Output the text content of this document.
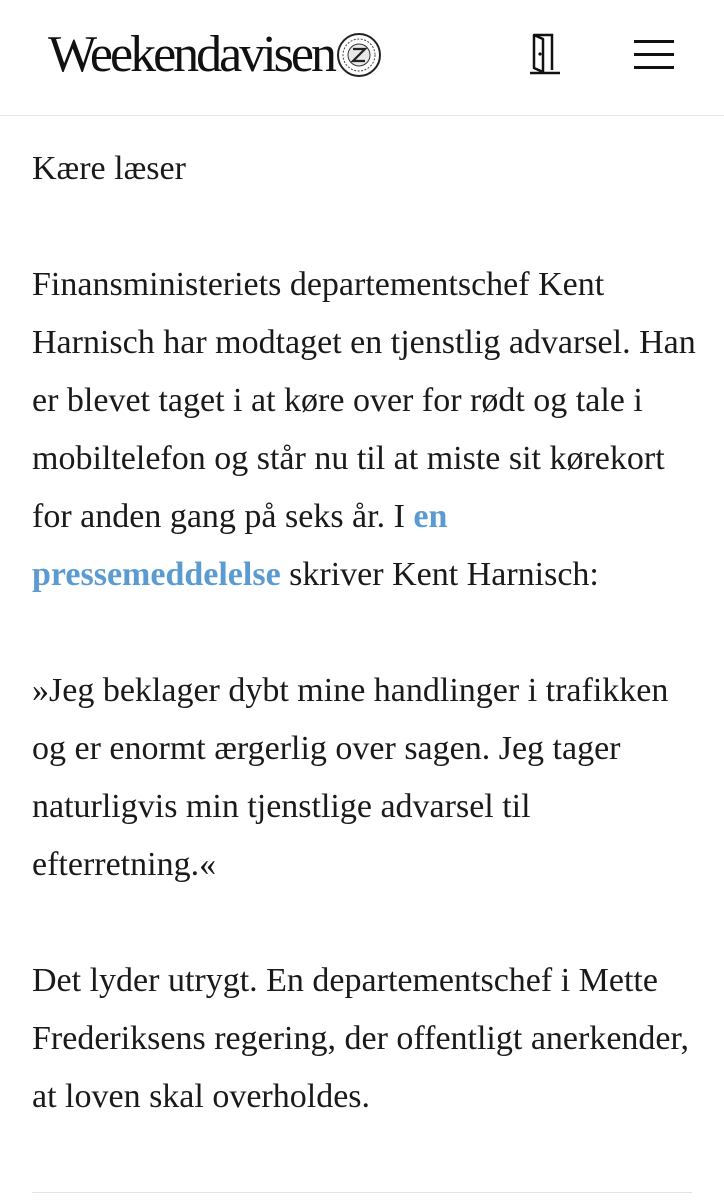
Weekendavisen

Kære læser

Finansministeriets departementschef Kent Harnisch har modtaget en tjenstlig advarsel. Han er blevet taget i at køre over for rødt og tale i mobiltelefon og står nu til at miste sit kørekort for anden gang på seks år. I en pressemeddelelse skriver Kent Harnisch:

»Jeg beklager dybt mine handlinger i trafikken og er enormt ærgerlig over sagen. Jeg tager naturligvis min tjenstlige advarsel til efterretning.«

Det lyder utrygt. En departementschef i Mette Frederiksens regering, der offentligt anerkender, at loven skal overholdes.
